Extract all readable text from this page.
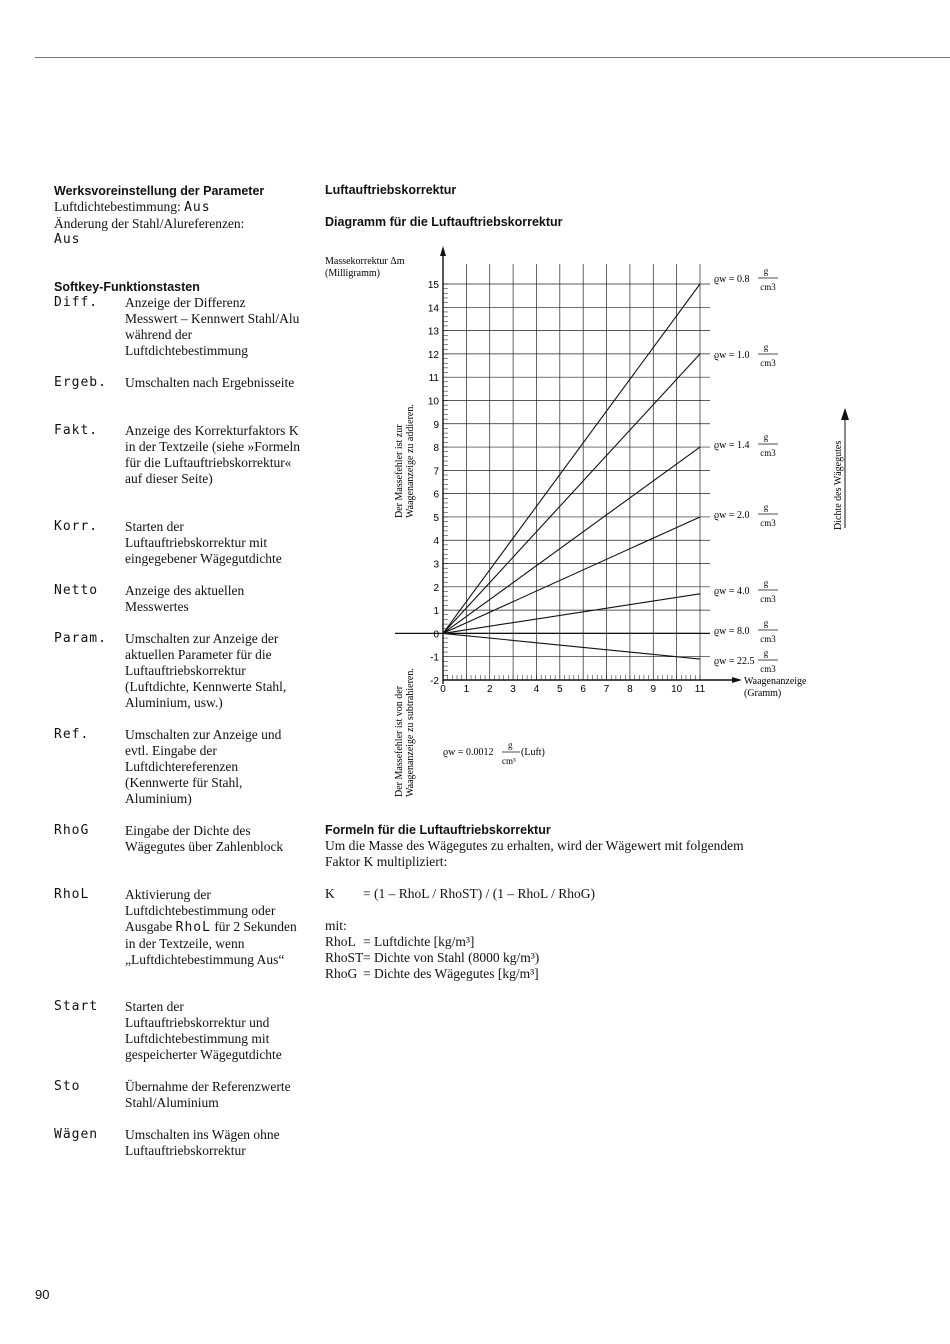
Werksvoreinstellung der Parameter
Luftdichtebestimmung: Aus
Änderung der Stahl/Alureferenzen:
Aus
Softkey-Funktionstasten
Diff. Anzeige der Differenz Messwert – Kennwert Stahl/Alu während der Luftdichtebestimmung
Ergeb. Umschalten nach Ergebnisseite
Fakt. Anzeige des Korrekturfaktors K in der Textzeile (siehe »Formeln für die Luftauftriebskorrektur« auf dieser Seite)
Korr. Starten der Luftauftriebskorrektur mit eingegebener Wägegutdichte
Netto Anzeige des aktuellen Messwertes
Param. Umschalten zur Anzeige der aktuellen Parameter für die Luftauftriebskorrektur (Luftdichte, Kennwerte Stahl, Aluminium, usw.)
Ref.	Umschalten zur Anzeige und evtl. Eingabe der Luftdichtereferenzen (Kennwerte für Stahl, Aluminium)
RhoG	Eingabe der Dichte des Wägegutes über Zahlenblock
RhoL	Aktivierung der Luftdichtebestimmung oder Ausgabe RhoL für 2 Sekunden in der Textzeile, wenn „Luftdichtebestimmung Aus“
Start Starten der Luftauftriebskorrektur und Luftdichtebestimmung mit gespeicherter Wägegutdichte
Sto	Übernahme der Referenzwerte Stahl/Aluminium
Wägen Umschalten ins Wägen ohne Luftauftriebskorrektur
Luftauftriebskorrektur
Diagramm für die Luftauftriebskorrektur
0 1 2 3 4 5 6 7 8 9 10 11
-2
-1
0
1
2
3
4
5
6
7
8
9
10
11
12
13
14
15
ϱw = 0.8
g
cm3
ϱw = 1.0
g
cm3
ϱw = 1.4
g
cm3
ϱw = 2.0
g
cm3
ϱw = 4.0
g
cm3
ϱw = 8.0
g
cm3
ϱw = 22.5
g
cm3
Massekorrektur Δm
(Milligramm)
Waagenanzeige
(Gramm)
Der Massefehler ist zur Waagenanzeige zu addieren.
Der Massefehler ist von der Waagenanzeige zu subtrahieren.
Dichte des Wägegutes
ϱw = 0.0012
g
cm³
(Luft)
Formeln für die Luftauftriebskorrektur
Um die Masse des Wägegutes zu erhalten, wird der Wägewert mit folgendem
Faktor K multipliziert:
K = (1 – RhoL / RhoST) / (1 – RhoL / RhoG)
mit:
RhoL = Luftdichte [kg/m³]
RhoST= Dichte von Stahl (8000 kg/m³)
RhoG = Dichte des Wägegutes [kg/m³]
90
